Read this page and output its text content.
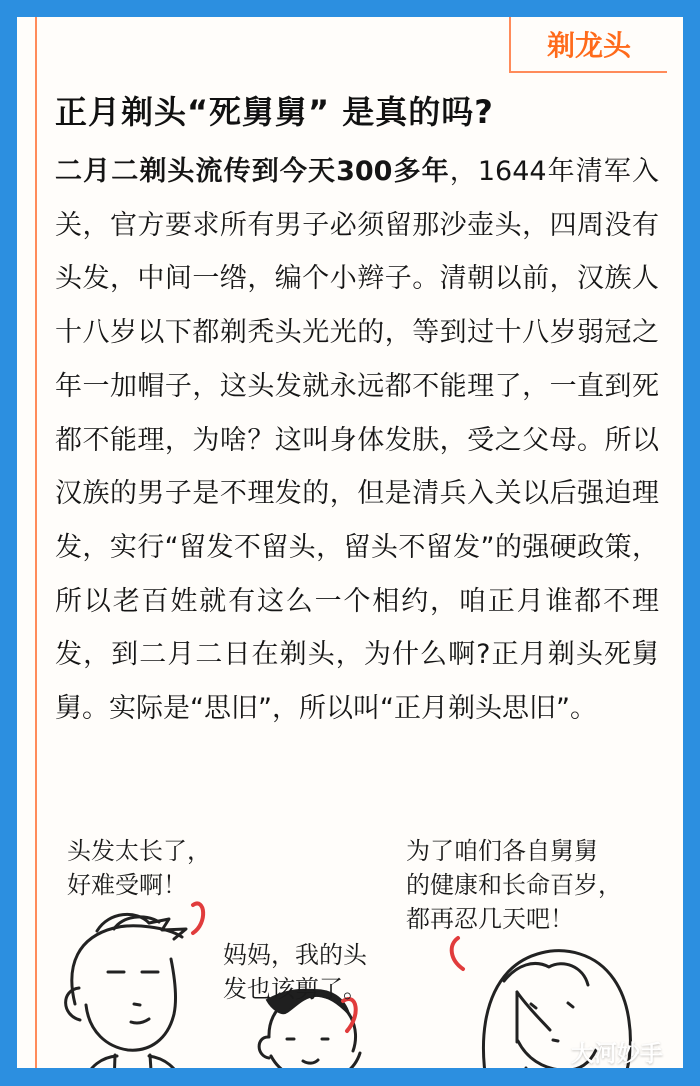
剃龙头
正月剃头“死舅舅” 是真的吗?
二月二剃头流传到今天300多年，1644年清军入关，官方要求所有男子必须留那沙壶头，四周没有头发，中间一绺，编个小辫子。清朝以前，汉族人十八岁以下都剃秃头光光的，等到过十八岁弱冠之年一加帽子，这头发就永远都不能理了，一直到死都不能理，为啥？这叫身体发肤，受之父母。所以汉族的男子是不理发的，但是清兵入关以后强迫理发，实行“留发不留头，留头不留发”的强硬政策，所以老百姓就有这么一个相约，咱正月谁都不理发，到二月二日在剃头，为什么啊?正月剃头死舅舅。实际是“思旧”，所以叫“正月剃头思旧”。
头发太长了，
好难受啊！
妈妈，我的头
发也该剪了。
为了咱们各自舅舅
的健康和长命百岁，
都再忍几天吧！
大河妙手
